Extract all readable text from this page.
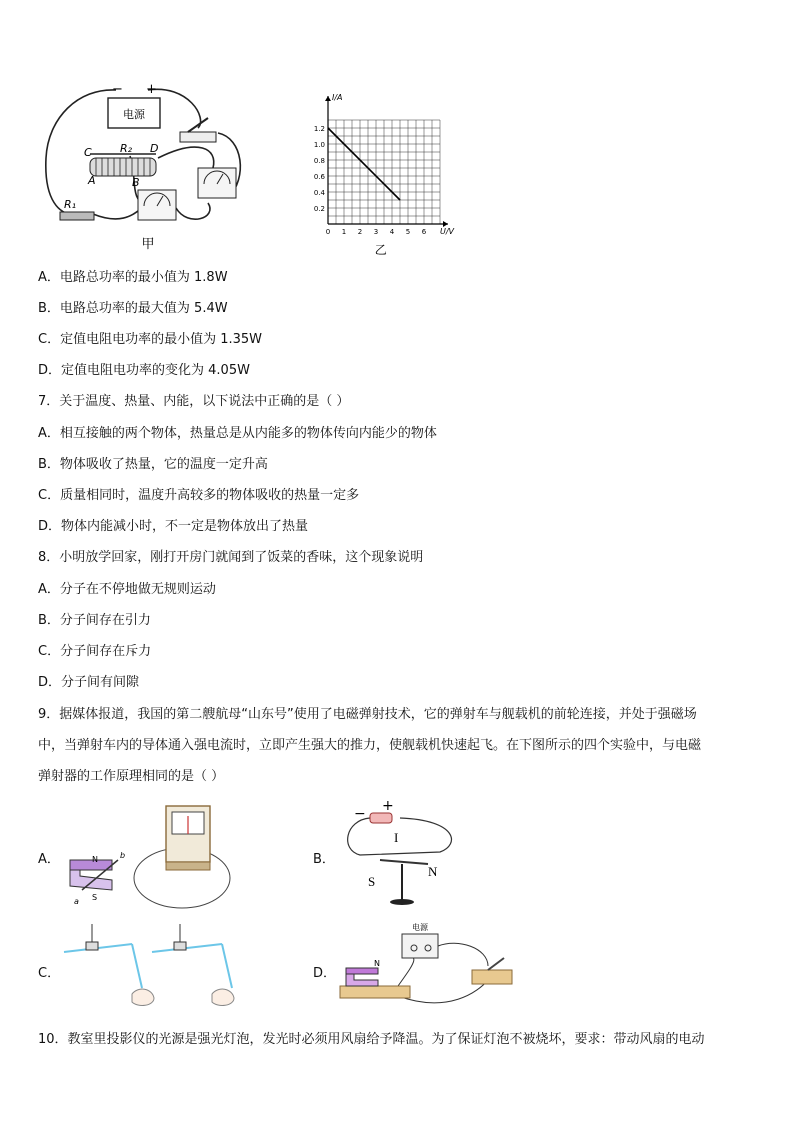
电源
− +
C	R₂ D
A	B
R₁
甲
1.2
1.0
0.8
0.6
0.4
0.2
0 1 2 3 4 5 6
I/A
U/V
乙
A．电路总功率的最小值为 1.8W
B．电路总功率的最大值为 5.4W
C．定值电阻电功率的最小值为 1.35W
D．定值电阻电功率的变化为 4.05W
7．关于温度、热量、内能，以下说法中正确的是（ ）
A．相互接触的两个物体，热量总是从内能多的物体传向内能少的物体
B．物体吸收了热量，它的温度一定升高
C．质量相同时，温度升高较多的物体吸收的热量一定多
D．物体内能减小时，不一定是物体放出了热量
8．小明放学回家，刚打开房门就闻到了饭菜的香味，这个现象说明
A．分子在不停地做无规则运动
B．分子间存在引力
C．分子间存在斥力
D．分子间有间隙
9．据媒体报道，我国的第二艘航母“山东号”使用了电磁弹射技术，它的弹射车与舰载机的前轮连接，并处于强磁场
中，当弹射车内的导体通入强电流时，立即产生强大的推力，使舰载机快速起飞。在下图所示的四个实验中，与电磁
弹射器的工作原理相同的是（ ）
A．	B．
C．	D．
N
S
a
b
− +
I
N
S
电源
N
10．教室里投影仪的光源是强光灯泡，发光时必须用风扇给予降温。为了保证灯泡不被烧坏，要求：带动风扇的电动
